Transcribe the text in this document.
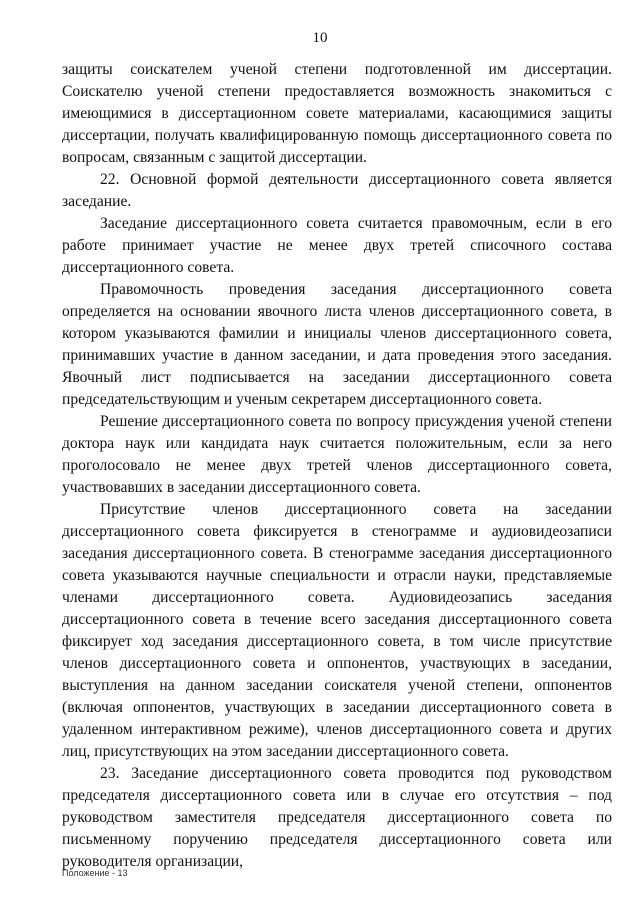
10

защиты соискателем ученой степени подготовленной им диссертации. Соискателю ученой степени предоставляется возможность знакомиться с имеющимися в диссертационном совете материалами, касающимися защиты диссертации, получать квалифицированную помощь диссертационного совета по вопросам, связанным с защитой диссертации.

22. Основной формой деятельности диссертационного совета является заседание.

Заседание диссертационного совета считается правомочным, если в его работе принимает участие не менее двух третей списочного состава диссертационного совета.

Правомочность проведения заседания диссертационного совета определяется на основании явочного листа членов диссертационного совета, в котором указываются фамилии и инициалы членов диссертационного совета, принимавших участие в данном заседании, и дата проведения этого заседания. Явочный лист подписывается на заседании диссертационного совета председательствующим и ученым секретарем диссертационного совета.

Решение диссертационного совета по вопросу присуждения ученой степени доктора наук или кандидата наук считается положительным, если за него проголосовало не менее двух третей членов диссертационного совета, участвовавших в заседании диссертационного совета.

Присутствие членов диссертационного совета на заседании диссертационного совета фиксируется в стенограмме и аудиовидеозаписи заседания диссертационного совета. В стенограмме заседания диссертационного совета указываются научные специальности и отрасли науки, представляемые членами диссертационного совета. Аудиовидеозапись заседания диссертационного совета в течение всего заседания диссертационного совета фиксирует ход заседания диссертационного совета, в том числе присутствие членов диссертационного совета и оппонентов, участвующих в заседании, выступления на данном заседании соискателя ученой степени, оппонентов (включая оппонентов, участвующих в заседании диссертационного совета в удаленном интерактивном режиме), членов диссертационного совета и других лиц, присутствующих на этом заседании диссертационного совета.

23. Заседание диссертационного совета проводится под руководством председателя диссертационного совета или в случае его отсутствия – под руководством заместителя председателя диссертационного совета по письменному поручению председателя диссертационного совета или руководителя организации,

Положение - 13
